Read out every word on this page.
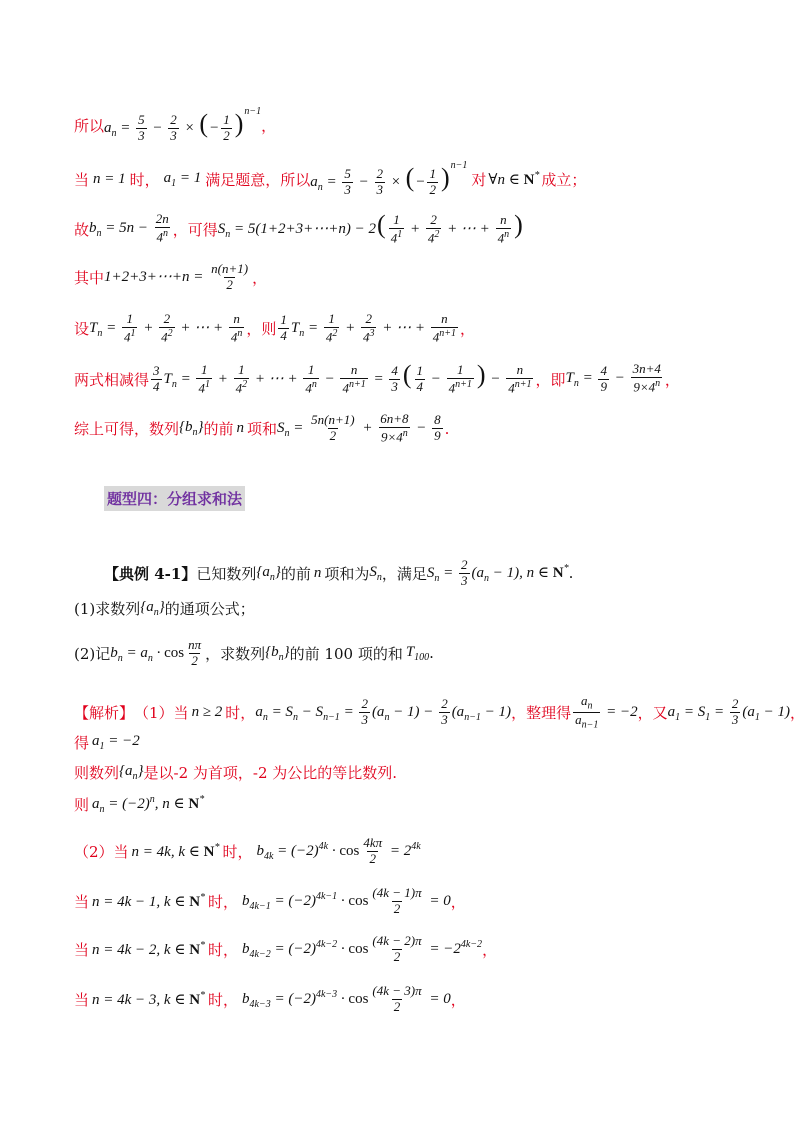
所以 $a_n = \frac{5}{3} - \frac{2}{3}$ × (− $\frac{1}{2} )^{n-1}$
，
当 n = 1 时， $a_1 = 1$ 满足题意，所以 $a_n = \frac{5}{3} - \frac{2}{3}$ × (− $\frac{1}{2} )^{n-1}$
对 ∀n ∈ N* 成立；
故 $b_n = 5n - \frac{2n}{4^n}$ ，可得 $S_n$ = 5(1+2+3+⋯+n) − $2( \frac{1}{4^1} + \frac{2}{4^2}$ + ⋯ + $\frac{n}{4^n}$ )
其中 1+2+3+⋯+n = $\frac{n(n+1)}{2}$ ，
设 $T_n = \frac{1}{4^1} + \frac{2}{4^2}$ + ⋯ + $\frac{n}{4^n}$ ，则 $\frac{1}{4} T_n = \frac{1}{4^2} + \frac{2}{4^3}$ + ⋯ + $\frac{n}{4^{n+1}}$ ，
两式相减得 $\frac{3}{4} T_n = \frac{1}{4^1} + \frac{1}{4^2}$ + ⋯ + $\frac{1}{4^n} - \frac{n}{4^{n+1}} = \frac{4}{3}$ ( $\frac{1}{4} - \frac{1}{4^{n+1}}$ ) − $\frac{n}{4^{n+1}}$ ，即 $T_n = \frac{4}{9} - \frac{3n+4}{9\times 4^n}$ ，
综上可得，数列 $\{b_n\}$ 的前 n 项和 $S_n = \frac{5n(n+1)}{2} + \frac{6n+8}{9\times 4^n} - \frac{8}{9}$ .
题型四：分组求和法
【典例 4-1】 已知数列 $\{a_n\}$ 的前 n 项和为 $S_n$ ，满足 $S_n = \frac{2}{3} (a_n - 1)$, n ∈ N* .
(1)求数列 $\{a_n\}$ 的通项公式；
(2)记 $b_n = a_n \cdot \cos \frac{n\pi}{2}$ ，求数列 $\{b_n\}$ 的前 100 项的和 $T_{100}$ .
【解析】 （1）当 n ≥ 2 时， $a_n = S_n - S_{n-1} = \frac{2}{3} (a_n - 1) - \frac{2}{3} (a_{n-1} - 1)$ ，整理得 $\frac{a_n}{a_{n-1}} = -2$ ，又 $a_1 = S_1 = \frac{2}{3} (a_1 - 1)$ ，
得 $a_1 = -2$
则数列 $\{a_n\}$ 是以-2 为首项，-2 为公比的等比数列.
则 $a_n = (-2)^n$, n ∈ N*
（2）当 n = 4k, k ∈ N* 时， $b_{4k} = (-2)^{4k} \cdot \cos \frac{4k\pi}{2} = 2^{4k}$
当 n = 4k − 1, k ∈ N* 时， $b_{4k-1} = (-2)^{4k-1} \cdot \cos \frac{(4k - 1)\pi}{2} = 0$ ，
当 n = 4k − 2, k ∈ N* 时， $b_{4k-2} = (-2)^{4k-2} \cdot \cos \frac{(4k - 2)\pi}{2} = -2^{4k-2}$ ，
当 n = 4k − 3, k ∈ N* 时， $b_{4k-3} = (-2)^{4k-3} \cdot \cos \frac{(4k - 3)\pi}{2} = 0$ ，
